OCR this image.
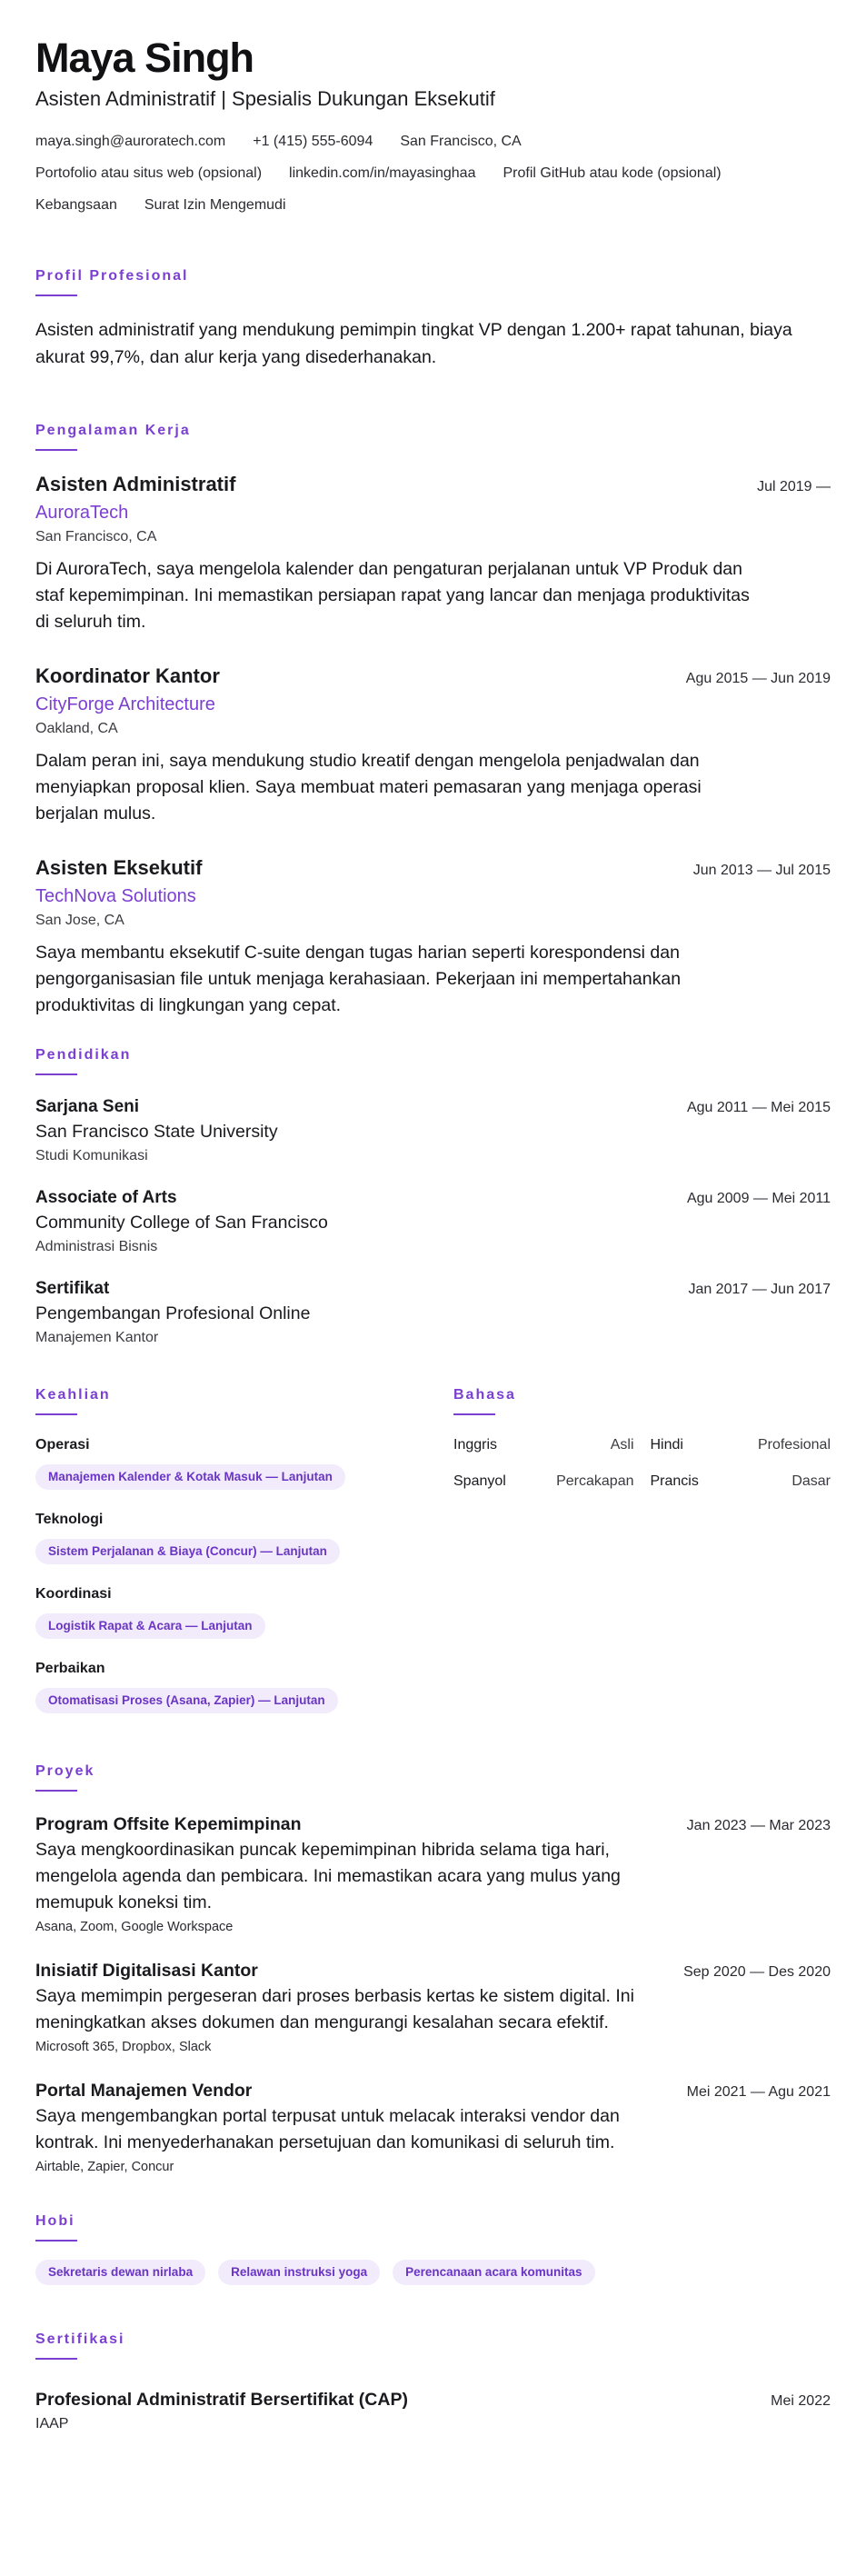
Maya Singh
Asisten Administratif | Spesialis Dukungan Eksekutif
maya.singh@auroratech.com +1 (415) 555-6094 San Francisco, CA
Portofolio atau situs web (opsional) linkedin.com/in/mayasinghaa Profil GitHub atau kode (opsional)
Kebangsaan Surat Izin Mengemudi
Profil Profesional

Asisten administratif yang mendukung pemimpin tingkat VP dengan 1.200+ rapat tahunan, biaya akurat 99,7%, dan alur kerja yang disederhanakan.

Pengalaman Kerja
Asisten Administratif	Jul 2019 —
AuroraTech
San Francisco, CA

Di AuroraTech, saya mengelola kalender dan pengaturan perjalanan untuk VP Produk dan staf kepemimpinan. Ini memastikan persiapan rapat yang lancar dan menjaga produktivitas di seluruh tim.

Koordinator Kantor	Agu 2015 — Jun 2019
CityForge Architecture
Oakland, CA

Dalam peran ini, saya mendukung studio kreatif dengan mengelola penjadwalan dan menyiapkan proposal klien. Saya membuat materi pemasaran yang menjaga operasi berjalan mulus.

Asisten Eksekutif	Jun 2013 — Jul 2015
TechNova Solutions
San Jose, CA

Saya membantu eksekutif C-suite dengan tugas harian seperti korespondensi dan pengorganisasian file untuk menjaga kerahasiaan. Pekerjaan ini mempertahankan produktivitas di lingkungan yang cepat.

Pendidikan
Sarjana Seni	Agu 2011 — Mei 2015
San Francisco State University
Studi Komunikasi
Associate of Arts	Agu 2009 — Mei 2011
Community College of San Francisco
Administrasi Bisnis
Sertifikat	Jan 2017 — Jun 2017
Pengembangan Profesional Online
Manajemen Kantor
Keahlian
Operasi
Manajemen Kalender & Kotak Masuk — Lanjutan
Teknologi
Sistem Perjalanan & Biaya (Concur) — Lanjutan
Koordinasi
Logistik Rapat & Acara — Lanjutan
Perbaikan
Otomatisasi Proses (Asana, Zapier) — Lanjutan
Bahasa
Inggris	Asli Hindi	Profesional
Spanyol	Percakapan Prancis	Dasar
Proyek
Program Offsite Kepemimpinan	Jan 2023 — Mar 2023

Saya mengkoordinasikan puncak kepemimpinan hibrida selama tiga hari, mengelola agenda dan pembicara. Ini memastikan acara yang mulus yang memupuk koneksi tim.

Asana, Zoom, Google Workspace
Inisiatif Digitalisasi Kantor	Sep 2020 — Des 2020

Saya memimpin pergeseran dari proses berbasis kertas ke sistem digital. Ini meningkatkan akses dokumen dan mengurangi kesalahan secara efektif.

Microsoft 365, Dropbox, Slack
Portal Manajemen Vendor	Mei 2021 — Agu 2021

Saya mengembangkan portal terpusat untuk melacak interaksi vendor dan kontrak. Ini menyederhanakan persetujuan dan komunikasi di seluruh tim.

Airtable, Zapier, Concur
Hobi
Sekretaris dewan nirlaba	Relawan instruksi yoga	Perencanaan acara komunitas
Sertifikasi
Profesional Administratif Bersertifikat (CAP)	Mei 2022
IAAP
